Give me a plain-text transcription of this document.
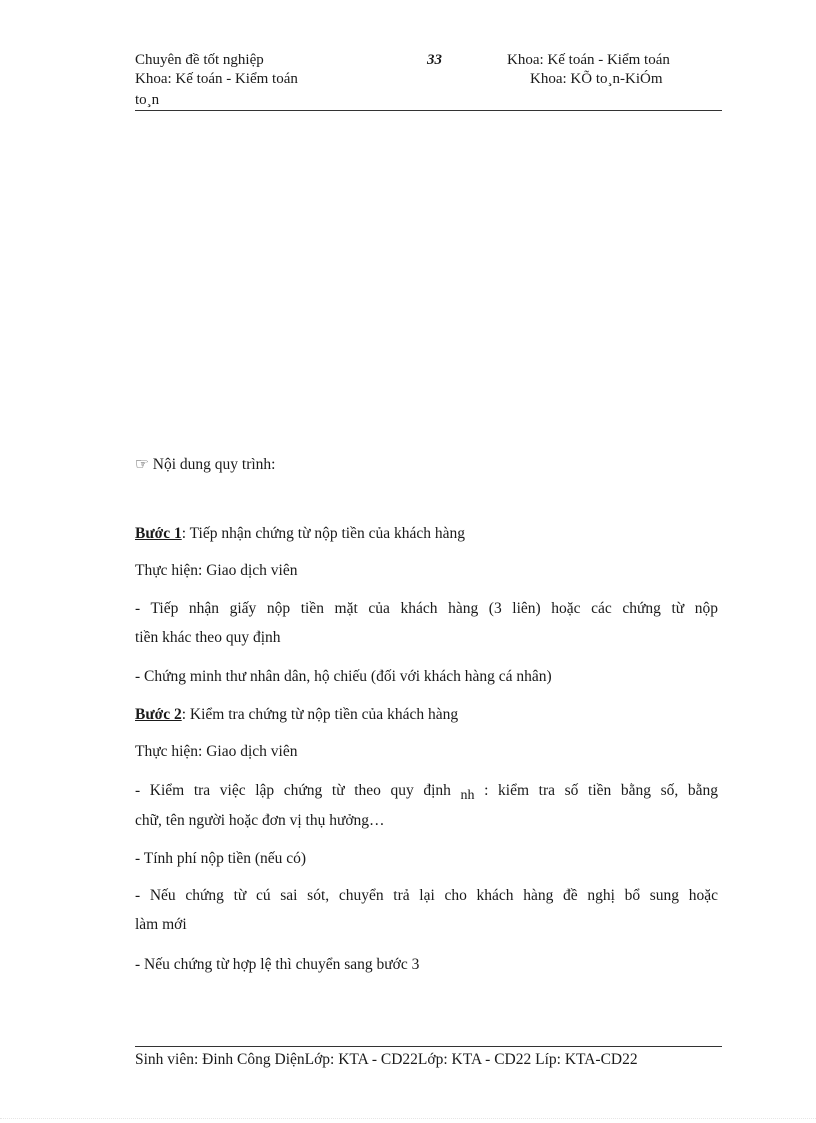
Chuyên đề tốt nghiệp	33	Khoa: Kế toán - Kiểm toán
Khoa: Kế toán - Kiểm toán	Khoa: KÕ to¸n-KiÓm
to¸n
☞ Nội dung quy trình:
Bước 1: Tiếp nhận chứng từ nộp tiền của khách hàng
Thực hiện: Giao dịch viên
- Tiếp nhận giấy nộp tiền mặt của khách hàng (3 liên) hoặc các chứng từ nộp
tiền khác theo quy định
- Chứng minh thư nhân dân, hộ chiếu (đối với khách hàng cá nhân)
Bước 2: Kiểm tra chứng từ nộp tiền của khách hàng
Thực hiện: Giao dịch viên
- Kiểm tra việc lập chứng từ theo quy định nh : kiểm tra số tiền bằng số, bằng
chữ, tên người hoặc đơn vị thụ hưởng…
- Tính phí nộp tiền (nếu có)
- Nếu chứng từ cú sai sót, chuyển trả lại cho khách hàng đề nghị bổ sung hoặc
làm mới
- Nếu chứng từ hợp lệ thì chuyển sang bước 3
Sinh viên: Đinh Công DiệnLớp: KTA - CD22Lớp: KTA - CD22 Líp: KTA-CD22
